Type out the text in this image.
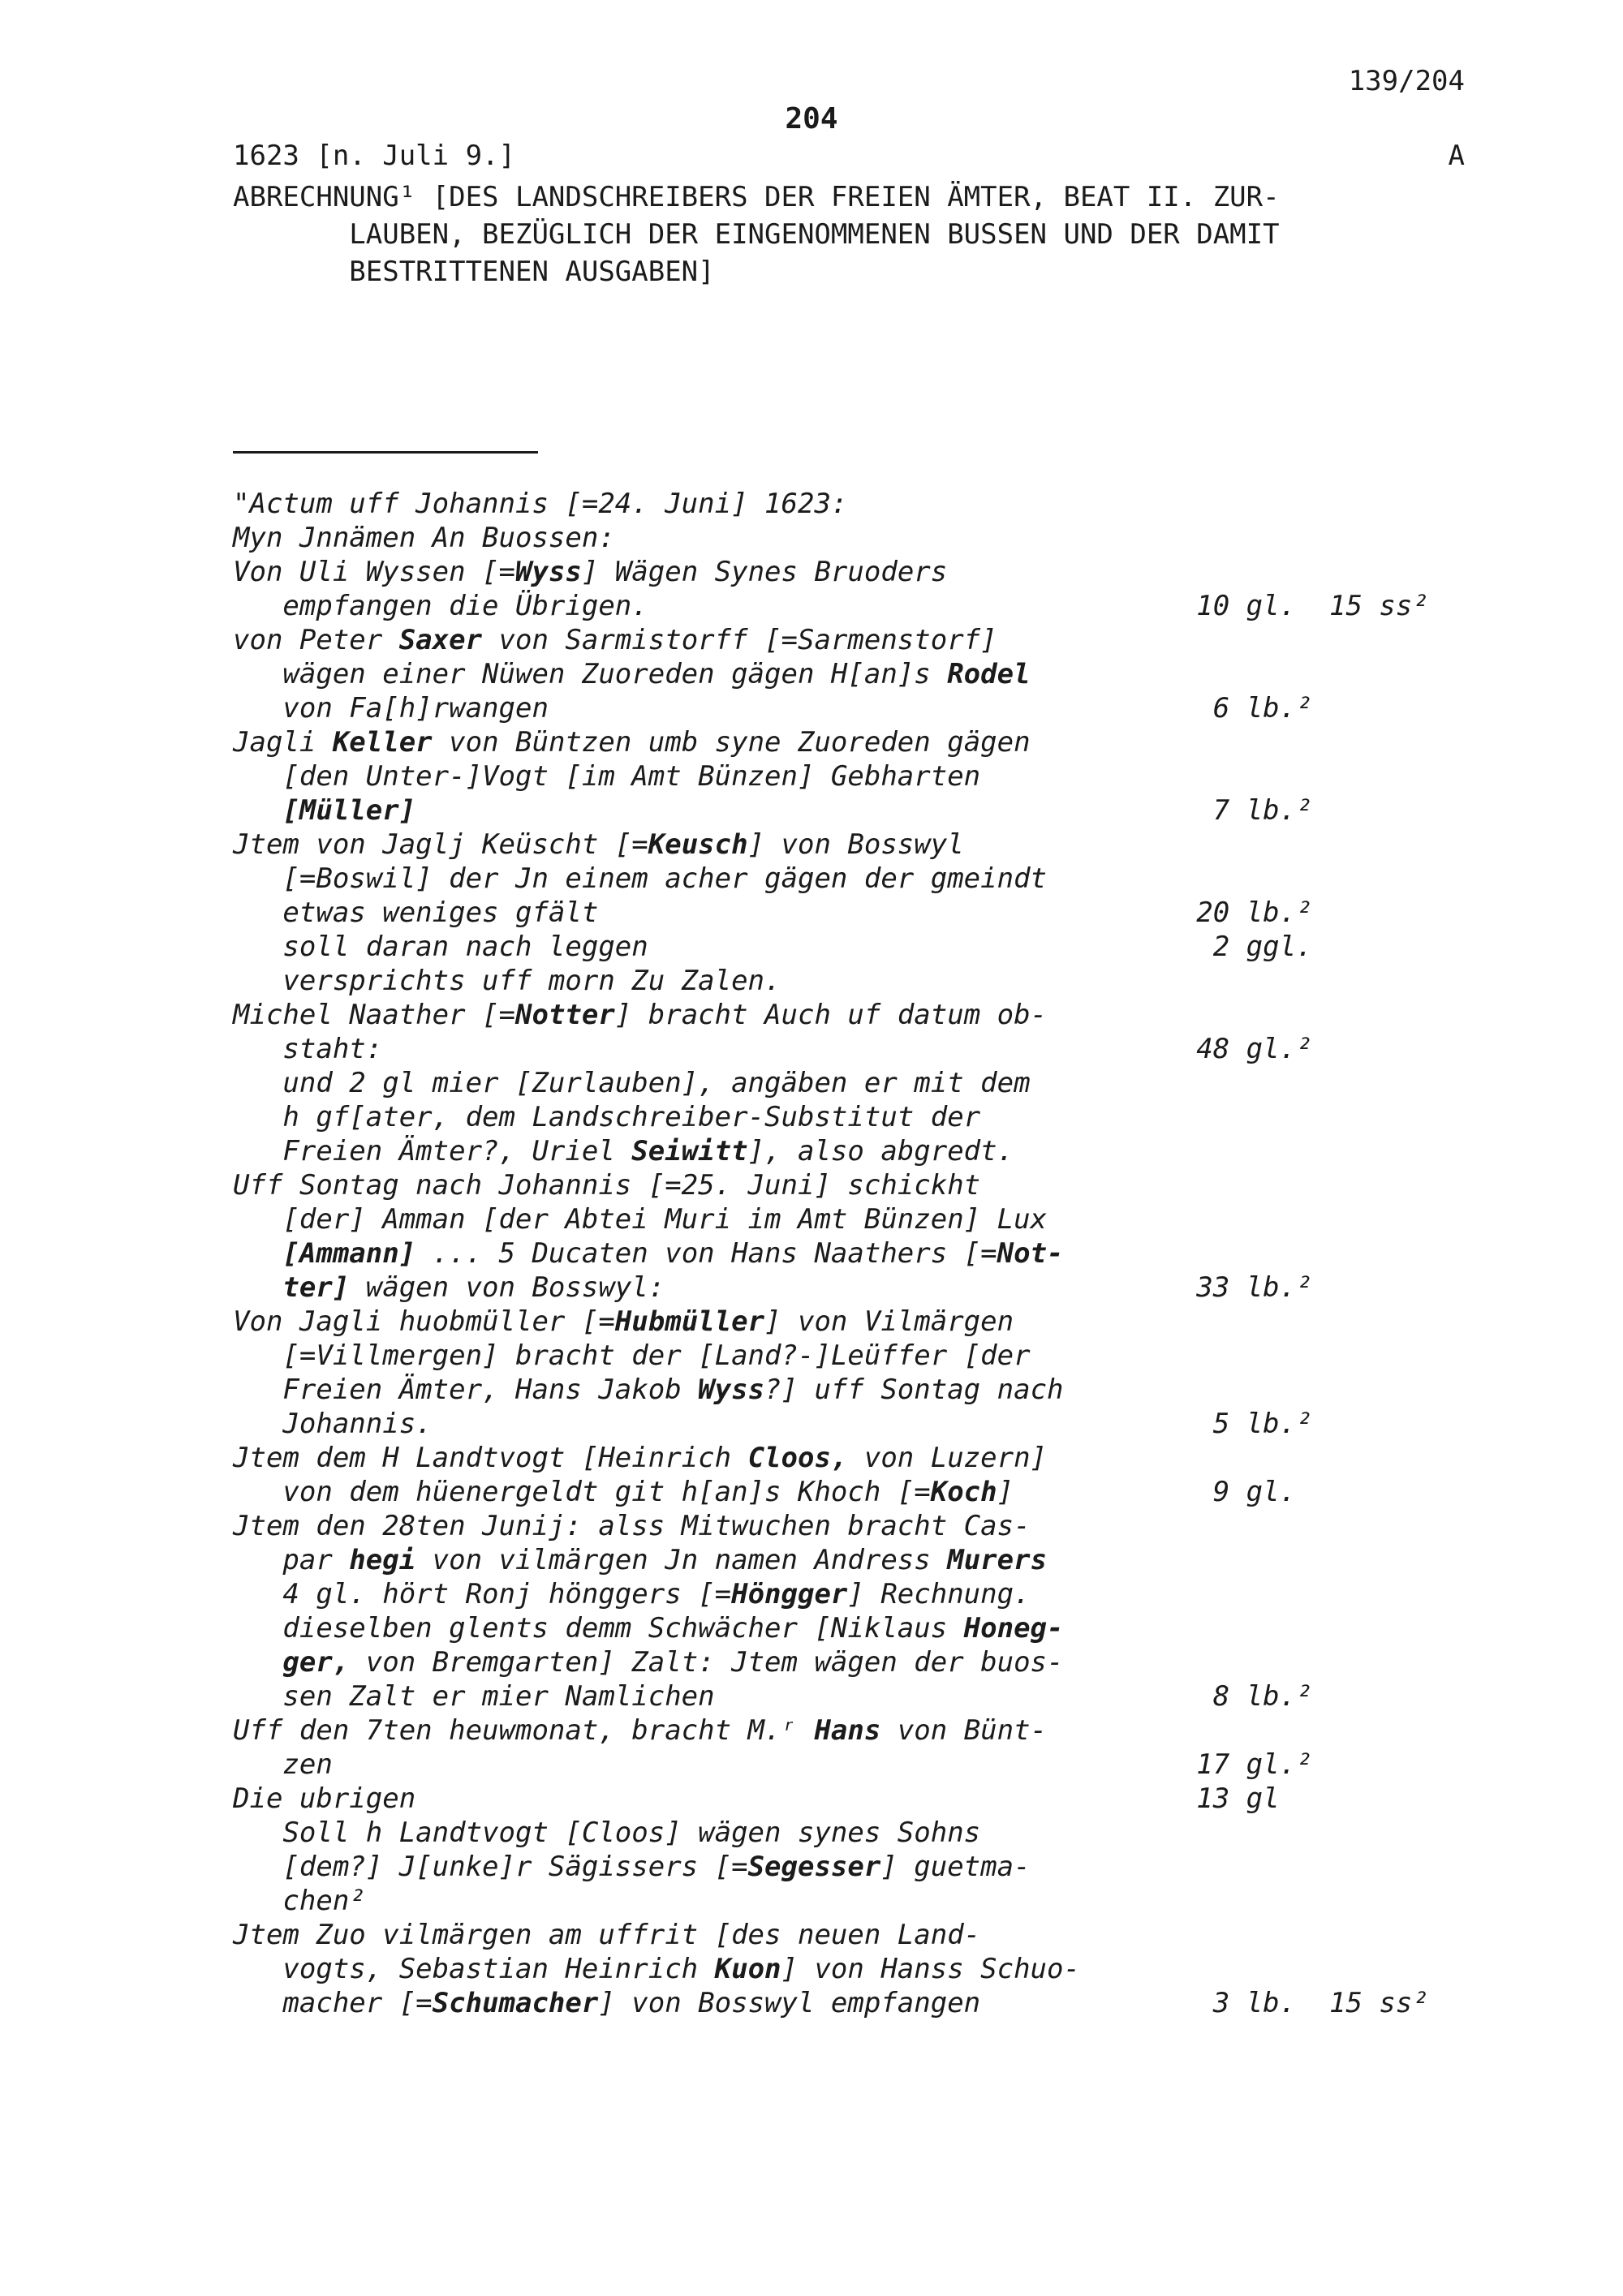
139/204
204
1623 [n. Juli 9.]	A
ABRECHNUNG¹ [DES LANDSCHREIBERS DER FREIEN ÄMTER, BEAT II. ZUR-
LAUBEN, BEZÜGLICH DER EINGENOMMENEN BUSSEN UND DER DAMIT
BESTRITTENEN AUSGABEN]
"Actum uff Johannis [=24. Juni] 1623:
Myn Jnnämen An Buossen:
Von Uli Wyssen [=Wyss] Wägen Synes Bruoders
empfangen die Übrigen.	10 gl.  15 ss²
von Peter Saxer von Sarmistorff [=Sarmenstorf]
wägen einer Nüwen Zuoreden gägen H[an]s Rodel
von Fa[h]rwangen	6 lb.²
Jagli Keller von Büntzen umb syne Zuoreden gägen
[den Unter-]Vogt [im Amt Bünzen] Gebharten
[Müller]	7 lb.²
Jtem von Jaglj Keüscht [=Keusch] von Bosswyl
[=Boswil] der Jn einem acher gägen der gmeindt
etwas weniges gfält	20 lb.²
soll daran nach leggen	2 ggl.
versprichts uff morn Zu Zalen.
Michel Naather [=Notter] bracht Auch uf datum ob-
staht:	48 gl.²
und 2 gl mier [Zurlauben], angäben er mit dem
h gf[ater, dem Landschreiber-Substitut der
Freien Ämter?, Uriel Seiwitt], also abgredt.
Uff Sontag nach Johannis [=25. Juni] schickht
[der] Amman [der Abtei Muri im Amt Bünzen] Lux
[Ammann] ... 5 Ducaten von Hans Naathers [=Not-
ter] wägen von Bosswyl:	33 lb.²
Von Jagli huobmüller [=Hubmüller] von Vilmärgen
[=Villmergen] bracht der [Land?-]Leüffer [der
Freien Ämter, Hans Jakob Wyss?] uff Sontag nach
Johannis.	5 lb.²
Jtem dem H Landtvogt [Heinrich Cloos, von Luzern]
von dem hüenergeldt git h[an]s Khoch [=Koch]	9 gl.
Jtem den 28ten Junij: alss Mitwuchen bracht Cas-
par hegi von vilmärgen Jn namen Andress Murers
4 gl. hört Ronj hönggers [=Höngger] Rechnung.
dieselben glents demm Schwächer [Niklaus Honeg-
ger, von Bremgarten] Zalt: Jtem wägen der buos-
sen Zalt er mier Namlichen	8 lb.²
Uff den 7ten heuwmonat, bracht M.ʳ Hans von Bünt-
zen	17 gl.²
Die ubrigen	13 gl
Soll h Landtvogt [Cloos] wägen synes Sohns
[dem?] J[unke]r Sägissers [=Segesser] guetma-
chen²
Jtem Zuo vilmärgen am uffrit [des neuen Land-
vogts, Sebastian Heinrich Kuon] von Hanss Schuo-
macher [=Schumacher] von Bosswyl empfangen	3 lb.  15 ss²
